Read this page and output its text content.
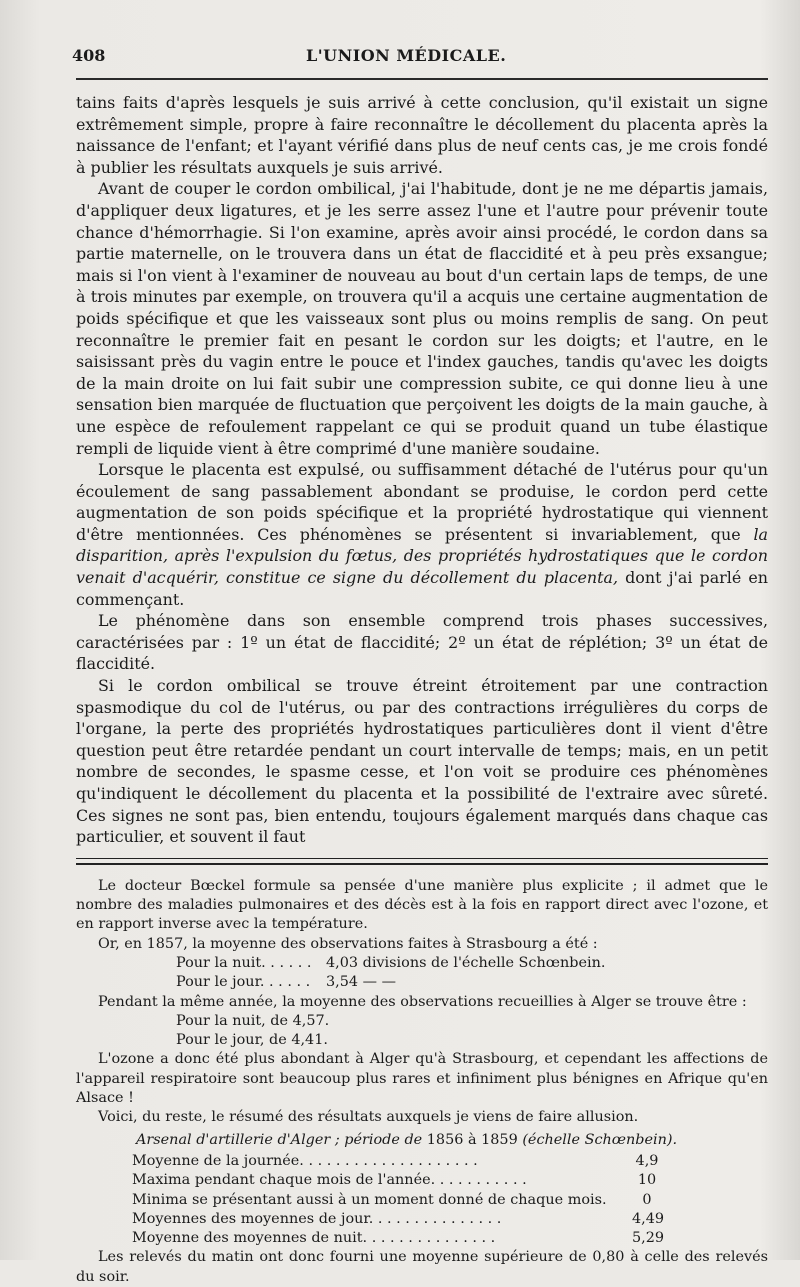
408	L'UNION MÉDICALE.

tains faits d'après lesquels je suis arrivé à cette conclusion, qu'il existait un signe extrêmement simple, propre à faire reconnaître le décollement du placenta après la naissance de l'enfant; et l'ayant vérifié dans plus de neuf cents cas, je me crois fondé à publier les résultats auxquels je suis arrivé.

Avant de couper le cordon ombilical, j'ai l'habitude, dont je ne me départis jamais, d'appliquer deux ligatures, et je les serre assez l'une et l'autre pour prévenir toute chance d'hémorrhagie. Si l'on examine, après avoir ainsi procédé, le cordon dans sa partie maternelle, on le trouvera dans un état de flaccidité et à peu près exsangue; mais si l'on vient à l'examiner de nouveau au bout d'un certain laps de temps, de une à trois minutes par exemple, on trouvera qu'il a acquis une certaine augmentation de poids spécifique et que les vaisseaux sont plus ou moins remplis de sang. On peut reconnaître le premier fait en pesant le cordon sur les doigts; et l'autre, en le saisissant près du vagin entre le pouce et l'index gauches, tandis qu'avec les doigts de la main droite on lui fait subir une compression subite, ce qui donne lieu à une sensation bien marquée de fluctuation que perçoivent les doigts de la main gauche, à une espèce de refoulement rappelant ce qui se produit quand un tube élastique rempli de liquide vient à être comprimé d'une manière soudaine.

Lorsque le placenta est expulsé, ou suffisamment détaché de l'utérus pour qu'un écoulement de sang passablement abondant se produise, le cordon perd cette augmentation de son poids spécifique et la propriété hydrostatique qui viennent d'être mentionnées. Ces phénomènes se présentent si invariablement, que la disparition, après l'expulsion du fœtus, des propriétés hydrostatiques que le cordon venait d'acquérir, constitue ce signe du décollement du placenta, dont j'ai parlé en commençant.

Le phénomène dans son ensemble comprend trois phases successives, caractérisées par : 1º un état de flaccidité; 2º un état de réplétion; 3º un état de flaccidité.

Si le cordon ombilical se trouve étreint étroitement par une contraction spasmodique du col de l'utérus, ou par des contractions irrégulières du corps de l'organe, la perte des propriétés hydrostatiques particulières dont il vient d'être question peut être retardée pendant un court intervalle de temps; mais, en un petit nombre de secondes, le spasme cesse, et l'on voit se produire ces phénomènes qu'indiquent le décollement du placenta et la possibilité de l'extraire avec sûreté. Ces signes ne sont pas, bien entendu, toujours également marqués dans chaque cas particulier, et souvent il faut

Le docteur Bœckel formule sa pensée d'une manière plus explicite ; il admet que le nombre des maladies pulmonaires et des décès est à la fois en rapport direct avec l'ozone, et en rapport inverse avec la température.

Or, en 1857, la moyenne des observations faites à Strasbourg a été :

Pour la nuit. . . . . . 4,03 divisions de l'échelle Schœnbein.
Pour le jour. . . . . . 3,54 — —

Pendant la même année, la moyenne des observations recueillies à Alger se trouve être :

Pour la nuit, de 4,57.
Pour le jour, de 4,41.

L'ozone a donc été plus abondant à Alger qu'à Strasbourg, et cependant les affections de l'appareil respiratoire sont beaucoup plus rares et infiniment plus bénignes en Afrique qu'en Alsace !

Voici, du reste, le résumé des résultats auxquels je viens de faire allusion.

Arsenal d'artillerie d'Alger ; période de 1856 à 1859 (échelle Schœnbein).
Moyenne de la journée. . . . . . . . . . . . . . . . . . . .	4,9
Maxima pendant chaque mois de l'année. . . . . . . . . . .	10
Minima se présentant aussi à un moment donné de chaque mois.	0
Moyennes des moyennes de jour. . . . . . . . . . . . . . .	4,49
Moyenne des moyennes de nuit. . . . . . . . . . . . . . .	5,29

Les relevés du matin ont donc fourni une moyenne supérieure de 0,80 à celle des relevés du soir.
